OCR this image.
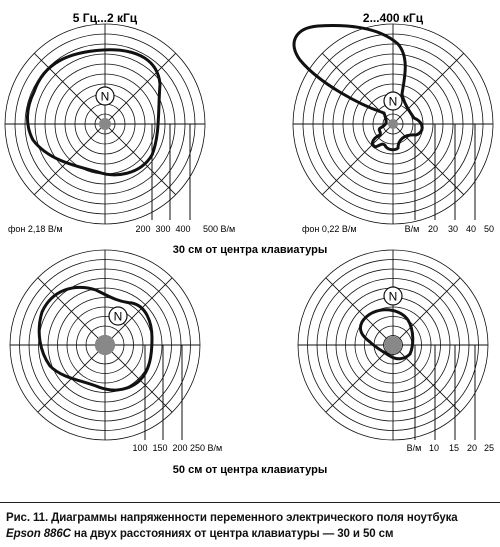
5 Гц...2 кГц
N
фон 2,18 В/м	200 300 400 500 В/м
2...400 кГц
N
фон 0,22 В/м	В/м 20 30 40 50
30 см от центра клавиатуры
N
100 150 200 250 В/м
N
В/м 10 15 20 25
50 см от центра клавиатуры
Рис. 11. Диаграммы напряженности переменного электрического поля ноутбука
Epson 886C на двух расстояниях от центра клавиатуры — 30 и 50 см
